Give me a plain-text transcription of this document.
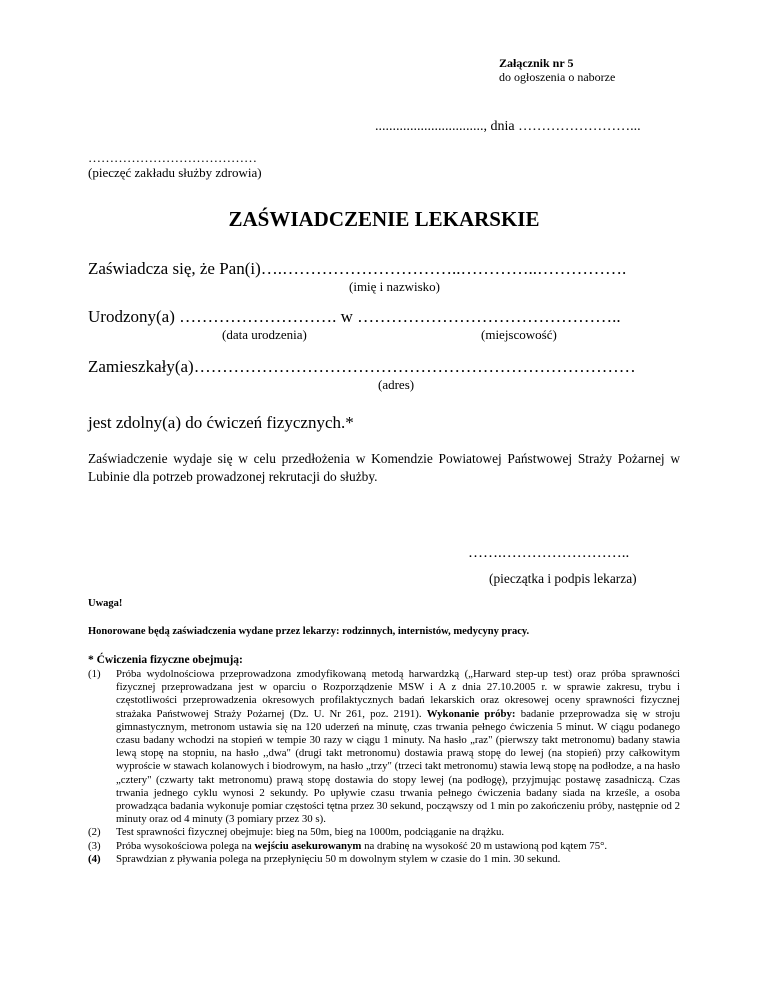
Załącznik nr 5
do ogłoszenia o naborze
..............................., dnia ……………………...
…………………………………
(pieczęć zakładu służby zdrowia)
ZAŚWIADCZENIE LEKARSKIE
Zaświadcza się, że Pan(i)….…………………………..…………..…………….
(imię i nazwisko)
Urodzony(a) ………………………. w ………………………………………..
(data urodzenia)	(miejscowość)
Zamieszkały(a)……………………………………………………………………
(adres)
jest zdolny(a) do ćwiczeń fizycznych.*
Zaświadczenie wydaje się w celu przedłożenia w Komendzie Powiatowej Państwowej Straży Pożarnej w Lubinie dla potrzeb prowadzonej rekrutacji do służby.
…….……………………..
(pieczątka i podpis lekarza)
Uwaga!
Honorowane będą zaświadczenia wydane przez lekarzy: rodzinnych, internistów, medycyny pracy.
* Ćwiczenia fizyczne obejmują:
(1) Próba wydolnościowa przeprowadzona zmodyfikowaną metodą harwardzką („Harward step-up test) oraz próba sprawności fizycznej przeprowadzana jest w oparciu o Rozporządzenie MSW i A z dnia 27.10.2005 r. w sprawie zakresu, trybu i częstotliwości przeprowadzenia okresowych profilaktycznych badań lekarskich oraz okresowej oceny sprawności fizycznej strażaka Państwowej Straży Pożarnej (Dz. U. Nr 261, poz. 2191). Wykonanie próby: badanie przeprowadza się w stroju gimnastycznym, metronom ustawia się na 120 uderzeń na minutę, czas trwania pełnego ćwiczenia 5 minut. W ciągu podanego czasu badany wchodzi na stopień w tempie 30 razy w ciągu 1 minuty. Na hasło „raz" (pierwszy takt metronomu) badany stawia lewą stopę na stopniu, na hasło ,,dwa" (drugi takt metronomu) dostawia prawą stopę do lewej (na stopień) przy całkowitym wyproście w stawach kolanowych i biodrowym, na hasło „trzy" (trzeci takt metronomu) stawia lewą stopę na podłodze, a na hasło „cztery" (czwarty takt metronomu) prawą stopę dostawia do stopy lewej (na podłogę), przyjmując postawę zasadniczą. Czas trwania jednego cyklu wynosi 2 sekundy. Po upływie czasu trwania pełnego ćwiczenia badany siada na krześle, a osoba prowadząca badania wykonuje pomiar częstości tętna przez 30 sekund, począwszy od 1 min po zakończeniu próby, następnie od 2 minuty oraz od 4 minuty (3 pomiary przez 30 s).
(2) Test sprawności fizycznej obejmuje: bieg na 50m, bieg na 1000m, podciąganie na drążku.
(3) Próba wysokościowa polega na wejściu asekurowanym na drabinę na wysokość 20 m ustawioną pod kątem 75°.
(4) Sprawdzian z pływania polega na przepłynięciu 50 m dowolnym stylem w czasie do 1 min. 30 sekund.
